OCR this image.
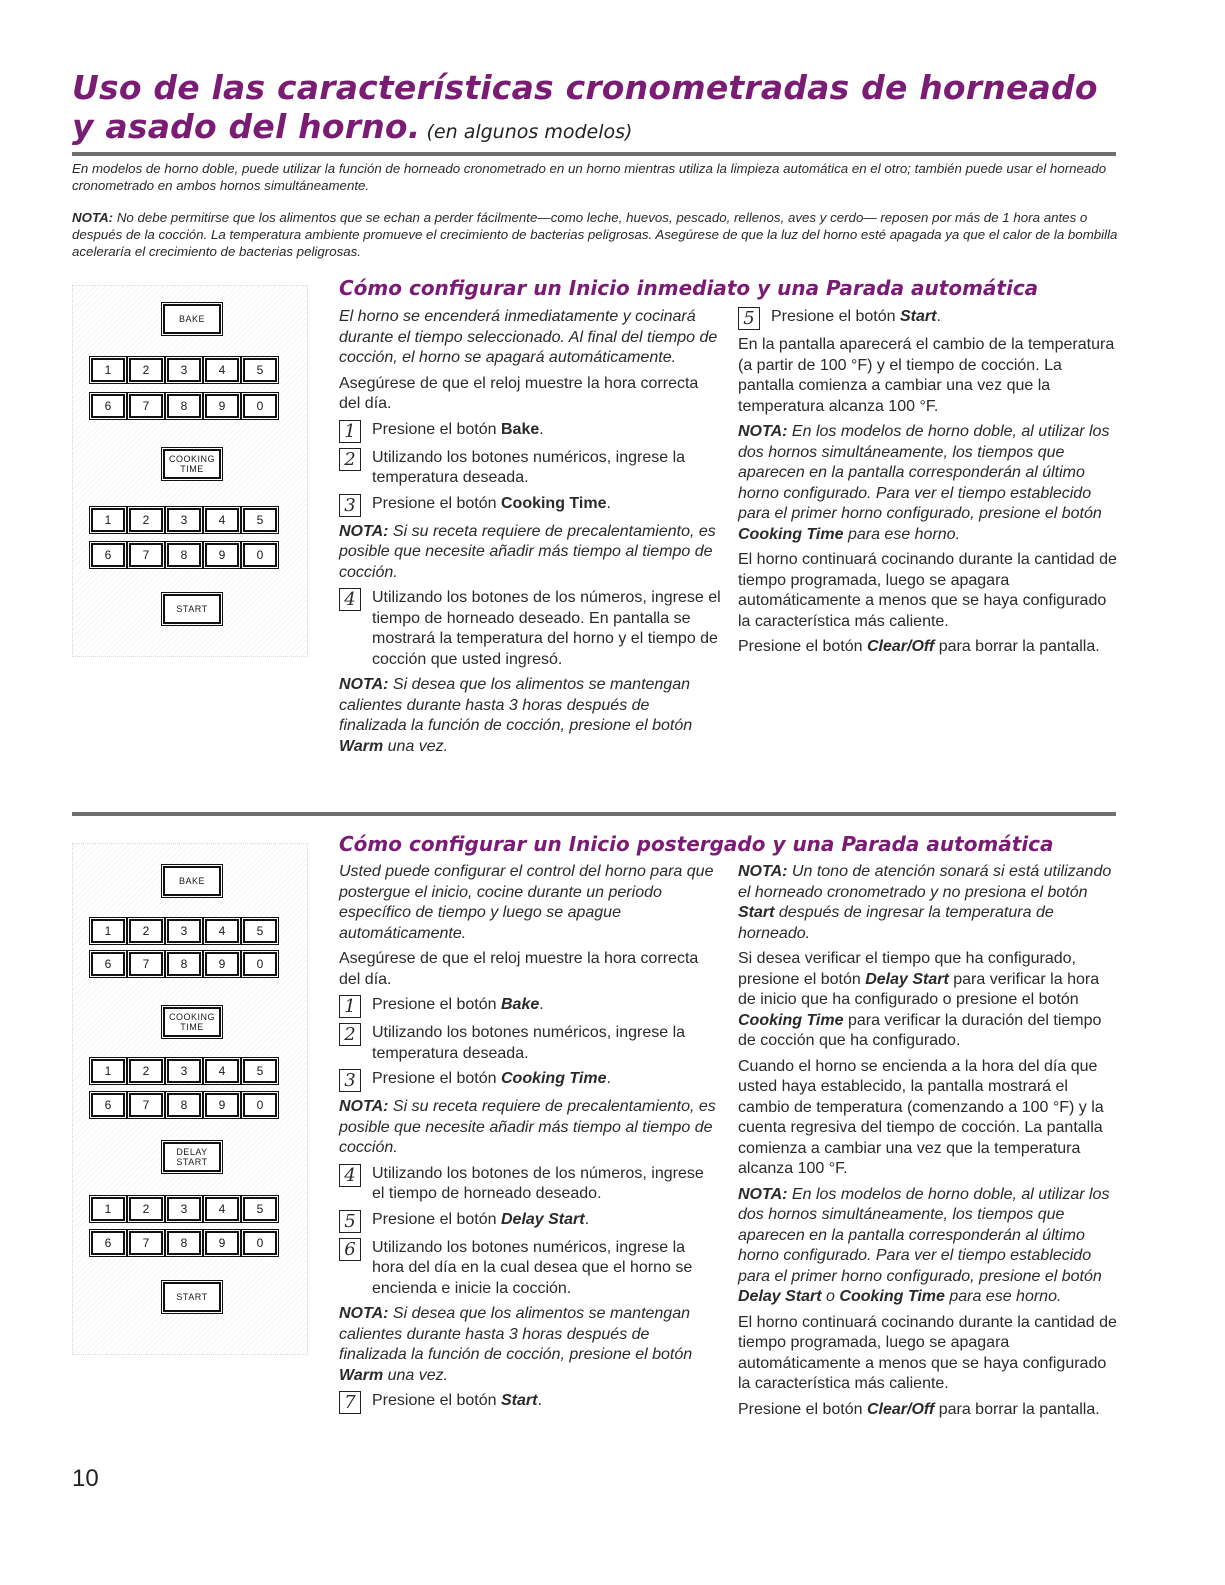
Uso de las características cronometradas de horneado
y asado del horno. (en algunos modelos)
En modelos de horno doble, puede utilizar la función de horneado cronometrado en un horno mientras utiliza la limpieza automática en el otro; también puede usar el horneado cronometrado en ambos hornos simultáneamente.
NOTA: No debe permitirse que los alimentos que se echan a perder fácilmente—como leche, huevos, pescado, rellenos, aves y cerdo— reposen por más de 1 hora antes o después de la cocción. La temperatura ambiente promueve el crecimiento de bacterias peligrosas. Asegúrese de que la luz del horno esté apagada ya que el calor de la bombilla aceleraría el crecimiento de bacterias peligrosas.
Cómo configurar un Inicio inmediato y una Parada automática
BAKE
1	2	3	4	5
6	7	8	9	0
COOKING TIME
1	2	3	4	5
6	7	8	9	0
START

El horno se encenderá inmediatamente y cocinará durante el tiempo seleccionado. Al final del tiempo de cocción, el horno se apagará automáticamente.

Asegúrese de que el reloj muestre la hora correcta del día.

1	Presione el botón Bake.
2	Utilizando los botones numéricos, ingrese la temperatura deseada.
3	Presione el botón Cooking Time.

NOTA: Si su receta requiere de precalentamiento, es posible que necesite añadir más tiempo al tiempo de cocción.

4	Utilizando los botones de los números, ingrese el tiempo de horneado deseado. En pantalla se mostrará la temperatura del horno y el tiempo de cocción que usted ingresó.

NOTA: Si desea que los alimentos se mantengan calientes durante hasta 3 horas después de finalizada la función de cocción, presione el botón Warm una vez.

5	Presione el botón Start.

En la pantalla aparecerá el cambio de la temperatura (a partir de 100 °F) y el tiempo de cocción. La pantalla comienza a cambiar una vez que la temperatura alcanza 100 °F.

NOTA: En los modelos de horno doble, al utilizar los dos hornos simultáneamente, los tiempos que aparecen en la pantalla corresponderán al último horno configurado. Para ver el tiempo establecido para el primer horno configurado, presione el botón Cooking Time para ese horno.

El horno continuará cocinando durante la cantidad de tiempo programada, luego se apagara automáticamente a menos que se haya configurado la característica más caliente.

Presione el botón Clear/Off para borrar la pantalla.

Cómo configurar un Inicio postergado y una Parada automática
BAKE
1	2	3	4	5
6	7	8	9	0
COOKING TIME
1	2	3	4	5
6	7	8	9	0
DELAY START
1	2	3	4	5
6	7	8	9	0
START

Usted puede configurar el control del horno para que postergue el inicio, cocine durante un periodo específico de tiempo y luego se apague automáticamente.

Asegúrese de que el reloj muestre la hora correcta del día.

1	Presione el botón Bake.
2	Utilizando los botones numéricos, ingrese la temperatura deseada.
3	Presione el botón Cooking Time.

NOTA: Si su receta requiere de precalentamiento, es posible que necesite añadir más tiempo al tiempo de cocción.

4	Utilizando los botones de los números, ingrese el tiempo de horneado deseado.
5	Presione el botón Delay Start.
6	Utilizando los botones numéricos, ingrese la hora del día en la cual desea que el horno se encienda e inicie la cocción.

NOTA: Si desea que los alimentos se mantengan calientes durante hasta 3 horas después de finalizada la función de cocción, presione el botón Warm una vez.

7	Presione el botón Start.

NOTA: Un tono de atención sonará si está utilizando el horneado cronometrado y no presiona el botón Start después de ingresar la temperatura de horneado.

Si desea verificar el tiempo que ha configurado, presione el botón Delay Start para verificar la hora de inicio que ha configurado o presione el botón Cooking Time para verificar la duración del tiempo de cocción que ha configurado.

Cuando el horno se encienda a la hora del día que usted haya establecido, la pantalla mostrará el cambio de temperatura (comenzando a 100 °F) y la cuenta regresiva del tiempo de cocción. La pantalla comienza a cambiar una vez que la temperatura alcanza 100 °F.

NOTA: En los modelos de horno doble, al utilizar los dos hornos simultáneamente, los tiempos que aparecen en la pantalla corresponderán al último horno configurado. Para ver el tiempo establecido para el primer horno configurado, presione el botón Delay Start o Cooking Time para ese horno.

El horno continuará cocinando durante la cantidad de tiempo programada, luego se apagara automáticamente a menos que se haya configurado la característica más caliente.

Presione el botón Clear/Off para borrar la pantalla.

10
